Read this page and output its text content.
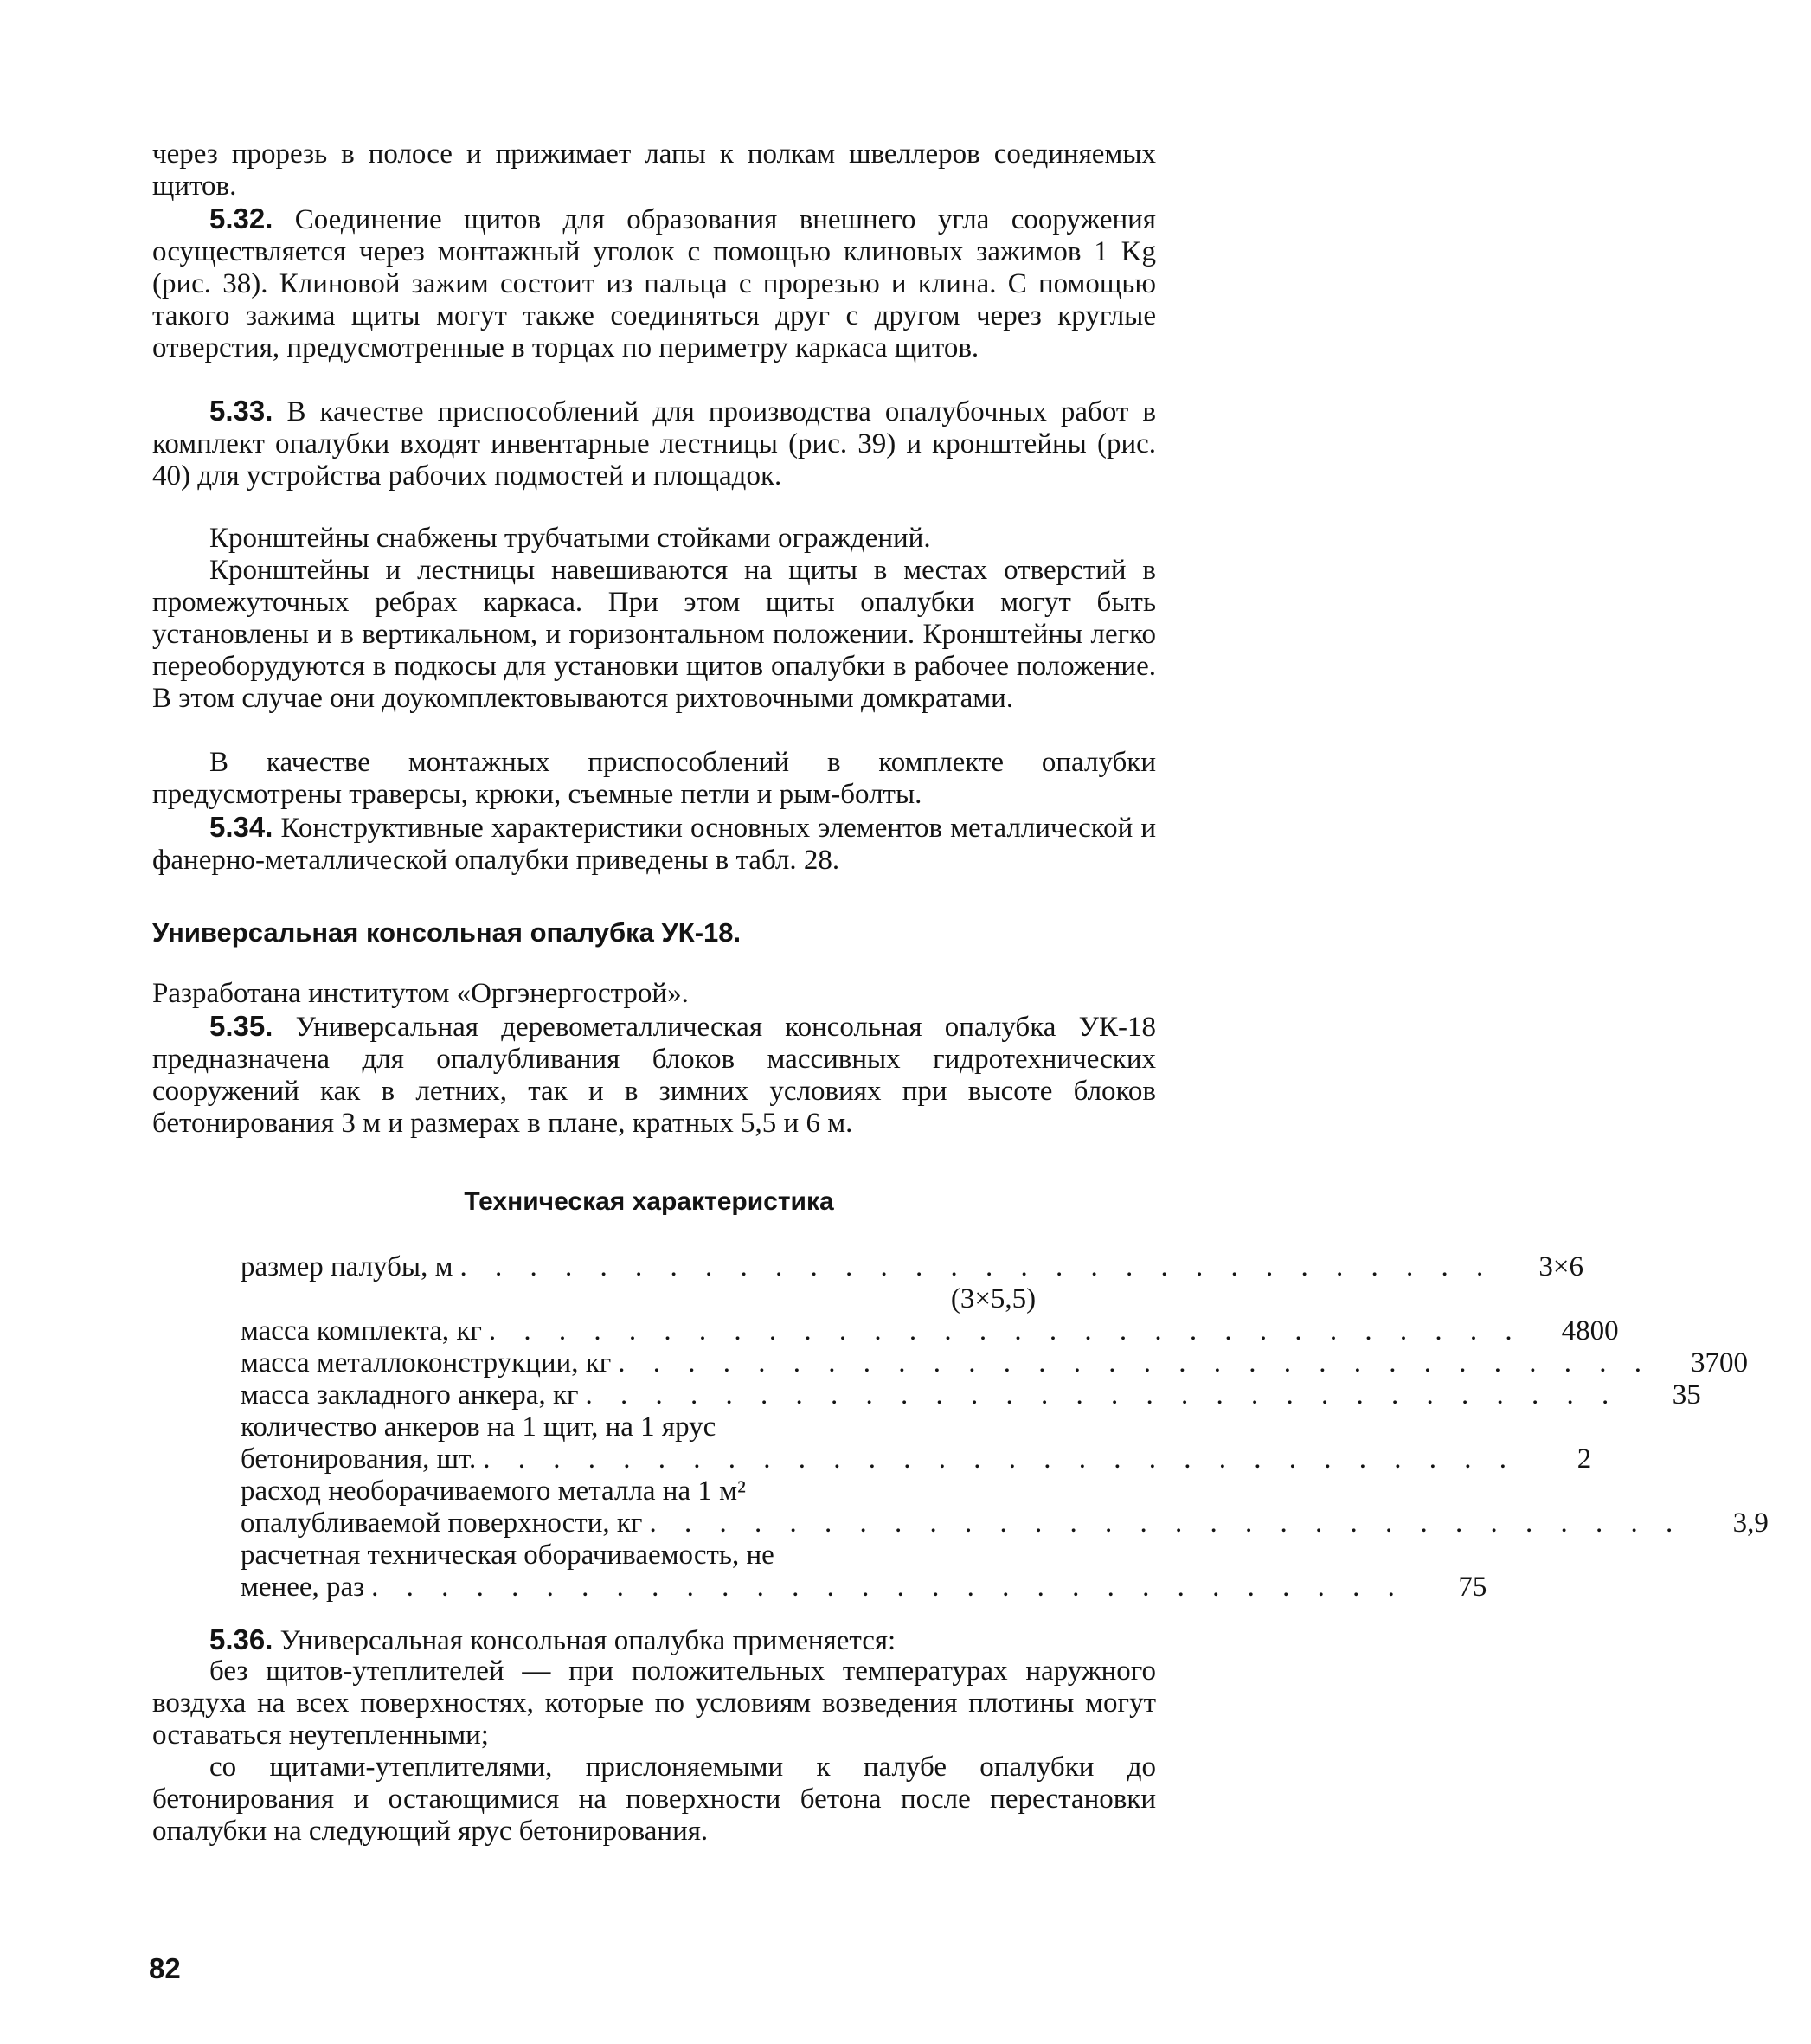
через прорезь в полосе и прижимает лапы к полкам швеллеров соединяемых щитов.

5.32. Соединение щитов для образования внешнего угла сооружения осуществляется через монтажный уголок с помощью клиновых зажимов 1 Kg (рис. 38). Клиновой зажим состоит из пальца с прорезью и клина. С помощью такого зажима щиты могут также соединяться друг с другом через круглые отверстия, предусмотренные в торцах по периметру каркаса щитов.

5.33. В качестве приспособлений для производства опалубочных работ в комплект опалубки входят инвентарные лестницы (рис. 39) и кронштейны (рис. 40) для устройства рабочих подмостей и площадок.

Кронштейны снабжены трубчатыми стойками ограждений.

Кронштейны и лестницы навешиваются на щиты в местах отверстий в промежуточных ребрах каркаса. При этом щиты опалубки могут быть установлены и в вертикальном, и горизонтальном положении. Кронштейны легко переоборудуются в подкосы для установки щитов опалубки в рабочее положение. В этом случае они доукомплектовываются рихтовочными домкратами.

В качестве монтажных приспособлений в комплекте опалубки предусмотрены траверсы, крюки, съемные петли и рым-болты.

5.34. Конструктивные характеристики основных элементов металлической и фанерно-металлической опалубки приведены в табл. 28.

Универсальная консольная опалубка УК-18.

Разработана институтом «Оргэнергострой».

5.35. Универсальная деревометаллическая консольная опалубка УК-18 предназначена для опалубливания блоков массивных гидротехнических сооружений как в летних, так и в зимних условиях при высоте блоков бетонирования 3 м и размерах в плане, кратных 5,5 и 6 м.

Техническая характеристика
размер палубы, м . . . . . . . . . . . . . . . . . . . . . . . . . . . . . .	3×6
(3×5,5)
масса комплекта, кг . . . . . . . . . . . . . . . . . . . . . . . . . . . . . .	4800
масса металлоконструкции, кг . . . . . . . . . . . . . . . . . . . . . . . . . . . . . .	3700
масса закладного анкера, кг . . . . . . . . . . . . . . . . . . . . . . . . . . . . . .	35
количество анкеров на 1 щит, на 1 ярус
бетонирования, шт. . . . . . . . . . . . . . . . . . . . . . . . . . . . . . .	2
расход необорачиваемого металла на 1 м²
опалубливаемой поверхности, кг . . . . . . . . . . . . . . . . . . . . . . . . . . . . . .	3,9
расчетная техническая оборачиваемость, не
менее, раз . . . . . . . . . . . . . . . . . . . . . . . . . . . . . .	75

5.36. Универсальная консольная опалубка применяется:

без щитов-утеплителей — при положительных температурах наружного воздуха на всех поверхностях, которые по условиям возведения плотины могут оставаться неутепленными;

со щитами-утеплителями, прислоняемыми к палубе опалубки до бетонирования и остающимися на поверхности бетона после перестановки опалубки на следующий ярус бетонирования.

82
